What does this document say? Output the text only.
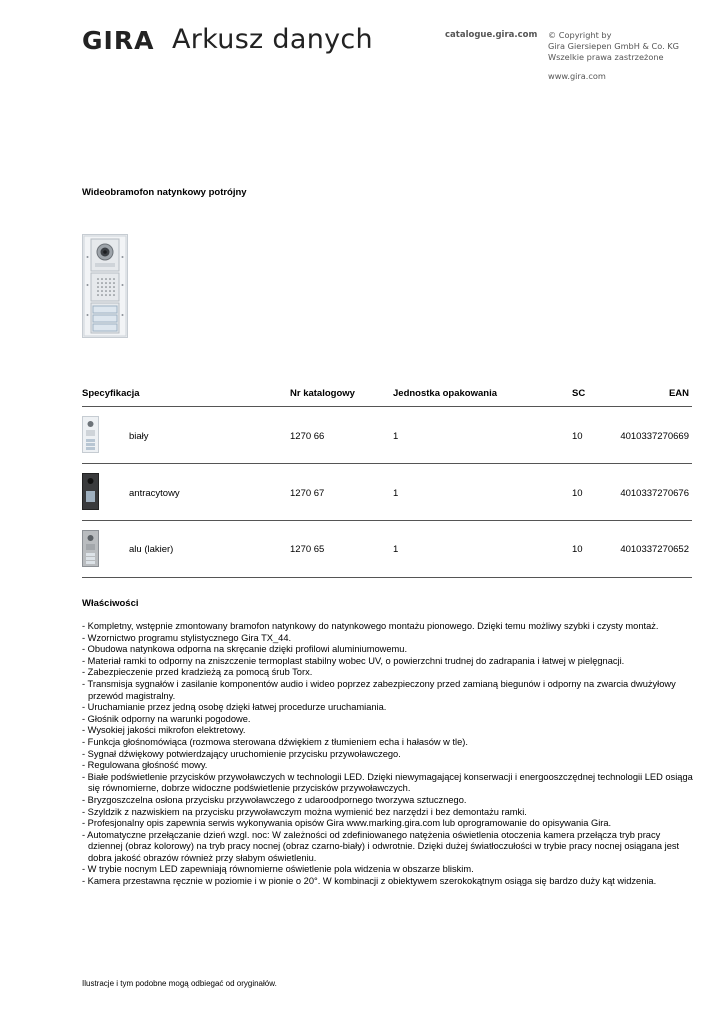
GIRA Arkusz danych	catalogue.gira.com © Copyright by
Gira Giersiepen GmbH & Co. KG
Wszelkie prawa zastrzeżone
www.gira.com
Wideobramofon natynkowy potrójny
Specyfikacja	Nr katalogowy	Jednostka opakowania	SC	EAN
biały	1270 66	1	10	4010337270669
antracytowy	1270 67	1	10	4010337270676
alu (lakier)	1270 65	1	10	4010337270652
Właściwości
- Kompletny, wstępnie zmontowany bramofon natynkowy do natynkowego montażu pionowego. Dzięki temu możliwy szybki i czysty montaż.
- Wzornictwo programu stylistycznego Gira TX_44.
- Obudowa natynkowa odporna na skręcanie dzięki profilowi aluminiumowemu.
- Materiał ramki to odporny na zniszczenie termoplast stabilny wobec UV, o powierzchni trudnej do zadrapania i łatwej w pielęgnacji.
- Zabezpieczenie przed kradzieżą za pomocą śrub Torx.
- Transmisja sygnałów i zasilanie komponentów audio i wideo poprzez zabezpieczony przed zamianą biegunów i odporny na zwarcia dwużyłowy przewód magistralny.
- Uruchamianie przez jedną osobę dzięki łatwej procedurze uruchamiania.
- Głośnik odporny na warunki pogodowe.
- Wysokiej jakości mikrofon elektretowy.
- Funkcja głośnomówiąca (rozmowa sterowana dźwiękiem z tłumieniem echa i hałasów w tle).
- Sygnał dźwiękowy potwierdzający uruchomienie przycisku przywoławczego.
- Regulowana głośność mowy.
- Białe podświetlenie przycisków przywoławczych w technologii LED. Dzięki niewymagającej konserwacji i energooszczędnej technologii LED osiąga się równomierne, dobrze widoczne podświetlenie przycisków przywoławczych.
- Bryzgoszczelna osłona przycisku przywoławczego z udaroodpornego tworzywa sztucznego.
- Szyldzik z nazwiskiem na przycisku przywoławczym można wymienić bez narzędzi i bez demontażu ramki.
- Profesjonalny opis zapewnia serwis wykonywania opisów Gira www.marking.gira.com lub oprogramowanie do opisywania Gira.
- Automatyczne przełączanie dzień wzgl. noc: W zależności od zdefiniowanego natężenia oświetlenia otoczenia kamera przełącza tryb pracy dziennej (obraz kolorowy) na tryb pracy nocnej (obraz czarno-biały) i odwrotnie. Dzięki dużej światłoczułości w trybie pracy nocnej osiągana jest dobra jakość obrazów również przy słabym oświetleniu.
- W trybie nocnym LED zapewniają równomierne oświetlenie pola widzenia w obszarze bliskim.
- Kamera przestawna ręcznie w poziomie i w pionie o 20°. W kombinacji z obiektywem szerokokątnym osiąga się bardzo duży kąt widzenia.
Ilustracje i tym podobne mogą odbiegać od oryginałów.
